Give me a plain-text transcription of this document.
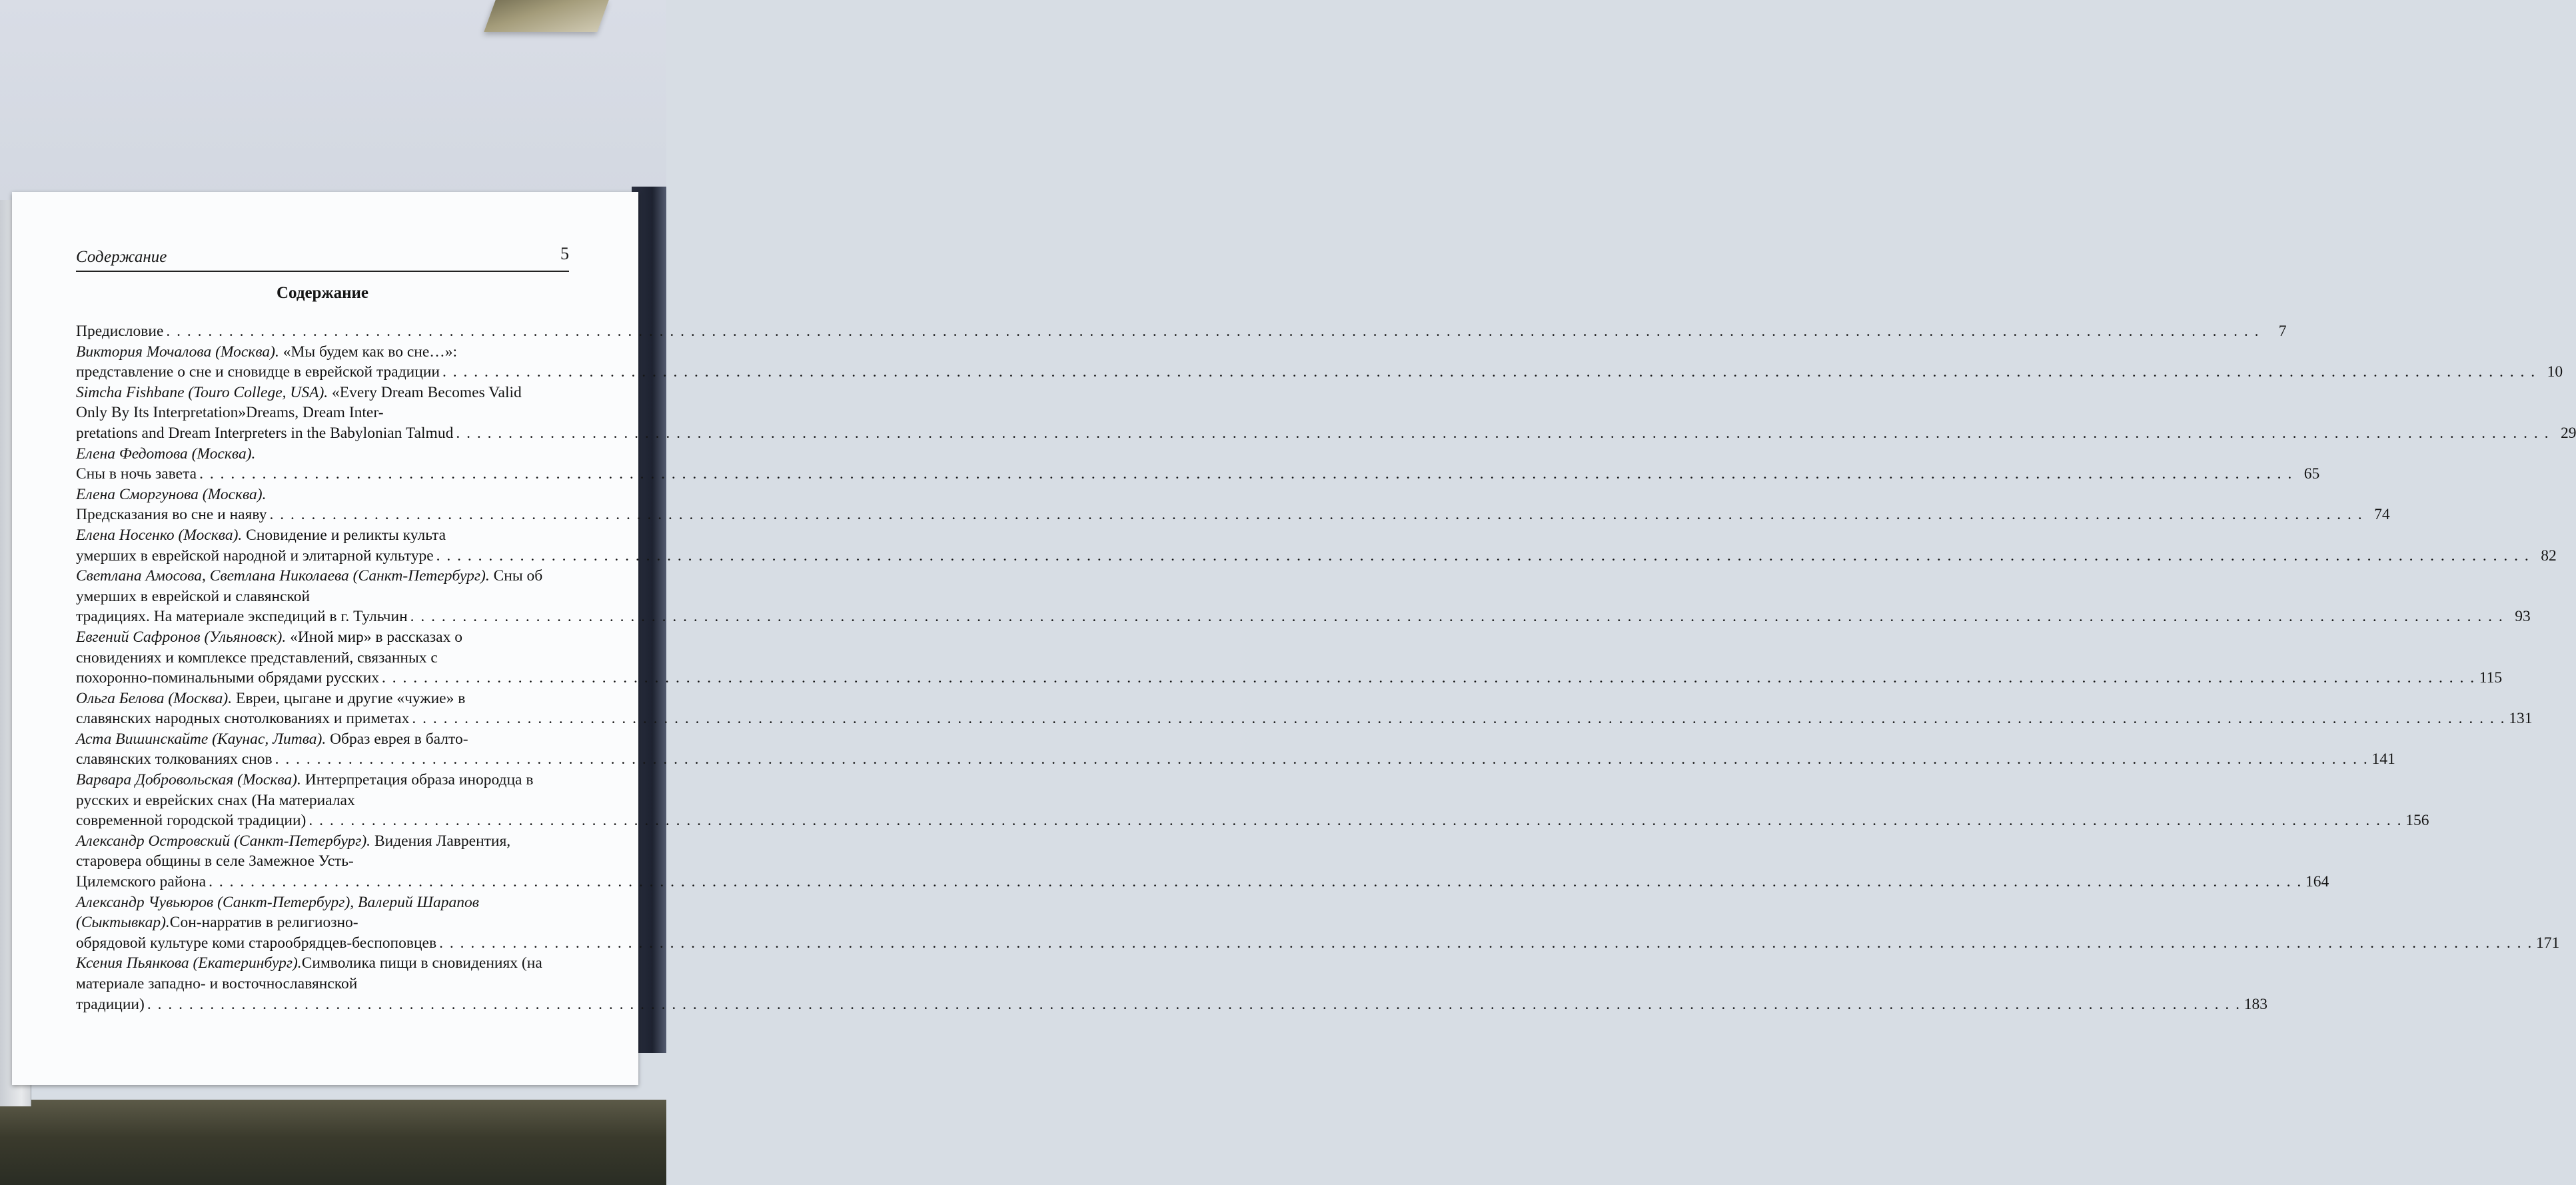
Содержание	5
Содержание
Предисловие . . . . . . . . . . . . . . . . . . . . . . . . . . . . . . . . . . . . . . . . . . . . . . . . . . . . . . . . . . . . . . . . . . . . . . . . . . . . . . . . . . . . . . . . . . . . . . . . . . . . . . . . . . . . . . . . . . . . . . . . . . . . . . . . . . . . . . . . . . . . . . . . . . . . . . . . . . . . . . . . . . . . . . . . . . . . . . . . . . . . . . . . . . . . . . . . . . . . . . . .	7
Виктория Мочалова (Москва). «Мы будем как во сне…»:
представление о сне и сновидце в еврейской традиции . . . . . . . . . . . . . . . . . . . . . . . . . . . . . . . . . . . . . . . . . . . . . . . . . . . . . . . . . . . . . . . . . . . . . . . . . . . . . . . . . . . . . . . . . . . . . . . . . . . . . . . . . . . . . . . . . . . . . . . . . . . . . . . . . . . . . . . . . . . . . . . . . . . . . . . . . . . . . . . . . . . . . . . . . . . . . . . . . . . . . . . . . . . . . . . . . . . . . . . . 10
Simcha Fishbane (Touro College, USA). «Every Dream Becomes Valid Only By Its Interpretation»Dreams, Dream Inter-
pretations and Dream Interpreters in the Babylonian Talmud . . . . . . . . . . . . . . . . . . . . . . . . . . . . . . . . . . . . . . . . . . . . . . . . . . . . . . . . . . . . . . . . . . . . . . . . . . . . . . . . . . . . . . . . . . . . . . . . . . . . . . . . . . . . . . . . . . . . . . . . . . . . . . . . . . . . . . . . . . . . . . . . . . . . . . . . . . . . . . . . . . . . . . . . . . . . . . . . . . . . . . . . . . . . . . . . . . . . . . . . 29
Елена Федотова (Москва).
Сны в ночь завета . . . . . . . . . . . . . . . . . . . . . . . . . . . . . . . . . . . . . . . . . . . . . . . . . . . . . . . . . . . . . . . . . . . . . . . . . . . . . . . . . . . . . . . . . . . . . . . . . . . . . . . . . . . . . . . . . . . . . . . . . . . . . . . . . . . . . . . . . . . . . . . . . . . . . . . . . . . . . . . . . . . . . . . . . . . . . . . . . . . . . . . . . . . . . . . . . . . . . . . . 65
Елена Сморгунова (Москва).
Предсказания во сне и наяву . . . . . . . . . . . . . . . . . . . . . . . . . . . . . . . . . . . . . . . . . . . . . . . . . . . . . . . . . . . . . . . . . . . . . . . . . . . . . . . . . . . . . . . . . . . . . . . . . . . . . . . . . . . . . . . . . . . . . . . . . . . . . . . . . . . . . . . . . . . . . . . . . . . . . . . . . . . . . . . . . . . . . . . . . . . . . . . . . . . . . . . . . . . . . . . . . . . . . . . . 74
Елена Носенко (Москва). Сновидение и реликты культа
умерших в еврейской народной и элитарной культуре . . . . . . . . . . . . . . . . . . . . . . . . . . . . . . . . . . . . . . . . . . . . . . . . . . . . . . . . . . . . . . . . . . . . . . . . . . . . . . . . . . . . . . . . . . . . . . . . . . . . . . . . . . . . . . . . . . . . . . . . . . . . . . . . . . . . . . . . . . . . . . . . . . . . . . . . . . . . . . . . . . . . . . . . . . . . . . . . . . . . . . . . . . . . . . . . . . . . . . . . 82
Светлана Амосова, Светлана Николаева (Санкт-Петербург). Сны об умерших в еврейской и славянской
традициях. На материале экспедиций в г. Тульчин . . . . . . . . . . . . . . . . . . . . . . . . . . . . . . . . . . . . . . . . . . . . . . . . . . . . . . . . . . . . . . . . . . . . . . . . . . . . . . . . . . . . . . . . . . . . . . . . . . . . . . . . . . . . . . . . . . . . . . . . . . . . . . . . . . . . . . . . . . . . . . . . . . . . . . . . . . . . . . . . . . . . . . . . . . . . . . . . . . . . . . . . . . . . . . . . . . . . . . . . 93
Евгений Сафронов (Ульяновск). «Иной мир» в рассказах о сновидениях и комплексе представлений, связанных с
похоронно-поминальными обрядами русских . . . . . . . . . . . . . . . . . . . . . . . . . . . . . . . . . . . . . . . . . . . . . . . . . . . . . . . . . . . . . . . . . . . . . . . . . . . . . . . . . . . . . . . . . . . . . . . . . . . . . . . . . . . . . . . . . . . . . . . . . . . . . . . . . . . . . . . . . . . . . . . . . . . . . . . . . . . . . . . . . . . . . . . . . . . . . . . . . . . . . . . . . . . . . . . . . . . . . . . . 115
Ольга Белова (Москва). Евреи, цыгане и другие «чужие» в
славянских народных снотолкованиях и приметах . . . . . . . . . . . . . . . . . . . . . . . . . . . . . . . . . . . . . . . . . . . . . . . . . . . . . . . . . . . . . . . . . . . . . . . . . . . . . . . . . . . . . . . . . . . . . . . . . . . . . . . . . . . . . . . . . . . . . . . . . . . . . . . . . . . . . . . . . . . . . . . . . . . . . . . . . . . . . . . . . . . . . . . . . . . . . . . . . . . . . . . . . . . . . . . . . . . . . . . . 131
Аста Вишинскайте (Каунас, Литва). Образ еврея в балто-
славянских толкованиях снов . . . . . . . . . . . . . . . . . . . . . . . . . . . . . . . . . . . . . . . . . . . . . . . . . . . . . . . . . . . . . . . . . . . . . . . . . . . . . . . . . . . . . . . . . . . . . . . . . . . . . . . . . . . . . . . . . . . . . . . . . . . . . . . . . . . . . . . . . . . . . . . . . . . . . . . . . . . . . . . . . . . . . . . . . . . . . . . . . . . . . . . . . . . . . . . . . . . . . . . . 141
Варвара Добровольская (Москва). Интерпретация образа инородца в русских и еврейских снах (На материалах
современной городской традиции) . . . . . . . . . . . . . . . . . . . . . . . . . . . . . . . . . . . . . . . . . . . . . . . . . . . . . . . . . . . . . . . . . . . . . . . . . . . . . . . . . . . . . . . . . . . . . . . . . . . . . . . . . . . . . . . . . . . . . . . . . . . . . . . . . . . . . . . . . . . . . . . . . . . . . . . . . . . . . . . . . . . . . . . . . . . . . . . . . . . . . . . . . . . . . . . . . . . . . . . . 156
Александр Островский (Санкт-Петербург). Видения Лаврентия, старовера общины в селе Замежное Усть-
Цилемского района . . . . . . . . . . . . . . . . . . . . . . . . . . . . . . . . . . . . . . . . . . . . . . . . . . . . . . . . . . . . . . . . . . . . . . . . . . . . . . . . . . . . . . . . . . . . . . . . . . . . . . . . . . . . . . . . . . . . . . . . . . . . . . . . . . . . . . . . . . . . . . . . . . . . . . . . . . . . . . . . . . . . . . . . . . . . . . . . . . . . . . . . . . . . . . . . . . . . . . . . 164
Александр Чувьюров (Санкт-Петербург), Валерий Шарапов (Сыктывкар).Сон-нарратив в религиозно-
обрядовой культуре коми старообрядцев-беспоповцев . . . . . . . . . . . . . . . . . . . . . . . . . . . . . . . . . . . . . . . . . . . . . . . . . . . . . . . . . . . . . . . . . . . . . . . . . . . . . . . . . . . . . . . . . . . . . . . . . . . . . . . . . . . . . . . . . . . . . . . . . . . . . . . . . . . . . . . . . . . . . . . . . . . . . . . . . . . . . . . . . . . . . . . . . . . . . . . . . . . . . . . . . . . . . . . . . . . . . . . . 171
Ксения Пьянкова (Екатеринбург).Символика пищи в сновидениях (на материале западно- и восточнославянской
традиции) . . . . . . . . . . . . . . . . . . . . . . . . . . . . . . . . . . . . . . . . . . . . . . . . . . . . . . . . . . . . . . . . . . . . . . . . . . . . . . . . . . . . . . . . . . . . . . . . . . . . . . . . . . . . . . . . . . . . . . . . . . . . . . . . . . . . . . . . . . . . . . . . . . . . . . . . . . . . . . . . . . . . . . . . . . . . . . . . . . . . . . . . . . . . . . . . . . . . . . . . 183
